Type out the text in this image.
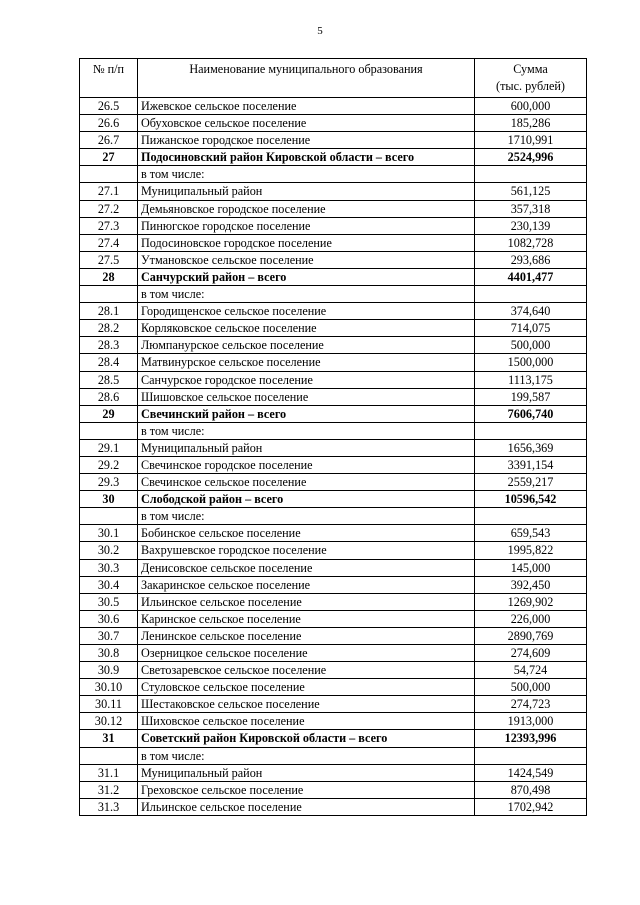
5
№ п/п	Наименование муниципального образования	Сумма
(тыс. рублей)

26.5	Ижевское сельское поселение	600,000
26.6	Обуховское сельское поселение	185,286
26.7	Пижанское городское поселение	1710,991
27	Подосиновский район Кировской области – всего	2524,996
	в том числе:	
27.1	Муниципальный район	561,125
27.2	Демьяновское городское поселение	357,318
27.3	Пинюгское городское поселение	230,139
27.4	Подосиновское городское поселение	1082,728
27.5	Утмановское сельское поселение	293,686
28	Санчурский район – всего	4401,477
	в том числе:	
28.1	Городищенское сельское поселение	374,640
28.2	Корляковское сельское поселение	714,075
28.3	Люмпанурское сельское поселение	500,000
28.4	Матвинурское сельское поселение	1500,000
28.5	Санчурское городское поселение	1113,175
28.6	Шишовское сельское поселение	199,587
29	Свечинский район – всего	7606,740
	в том числе:	
29.1	Муниципальный район	1656,369
29.2	Свечинское городское поселение	3391,154
29.3	Свечинское сельское поселение	2559,217
30	Слободской район – всего	10596,542
	в том числе:	
30.1	Бобинское сельское поселение	659,543
30.2	Вахрушевское городское поселение	1995,822
30.3	Денисовское сельское поселение	145,000
30.4	Закаринское сельское поселение	392,450
30.5	Ильинское сельское поселение	1269,902
30.6	Каринское сельское поселение	226,000
30.7	Ленинское сельское поселение	2890,769
30.8	Озерницкое сельское поселение	274,609
30.9	Светозаревское сельское поселение	54,724
30.10	Стуловское сельское поселение	500,000
30.11	Шестаковское сельское поселение	274,723
30.12	Шиховское сельское поселение	1913,000
31	Советский район Кировской области – всего	12393,996
	в том числе:	
31.1	Муниципальный район	1424,549
31.2	Греховское сельское поселение	870,498
31.3	Ильинское сельское поселение	1702,942
